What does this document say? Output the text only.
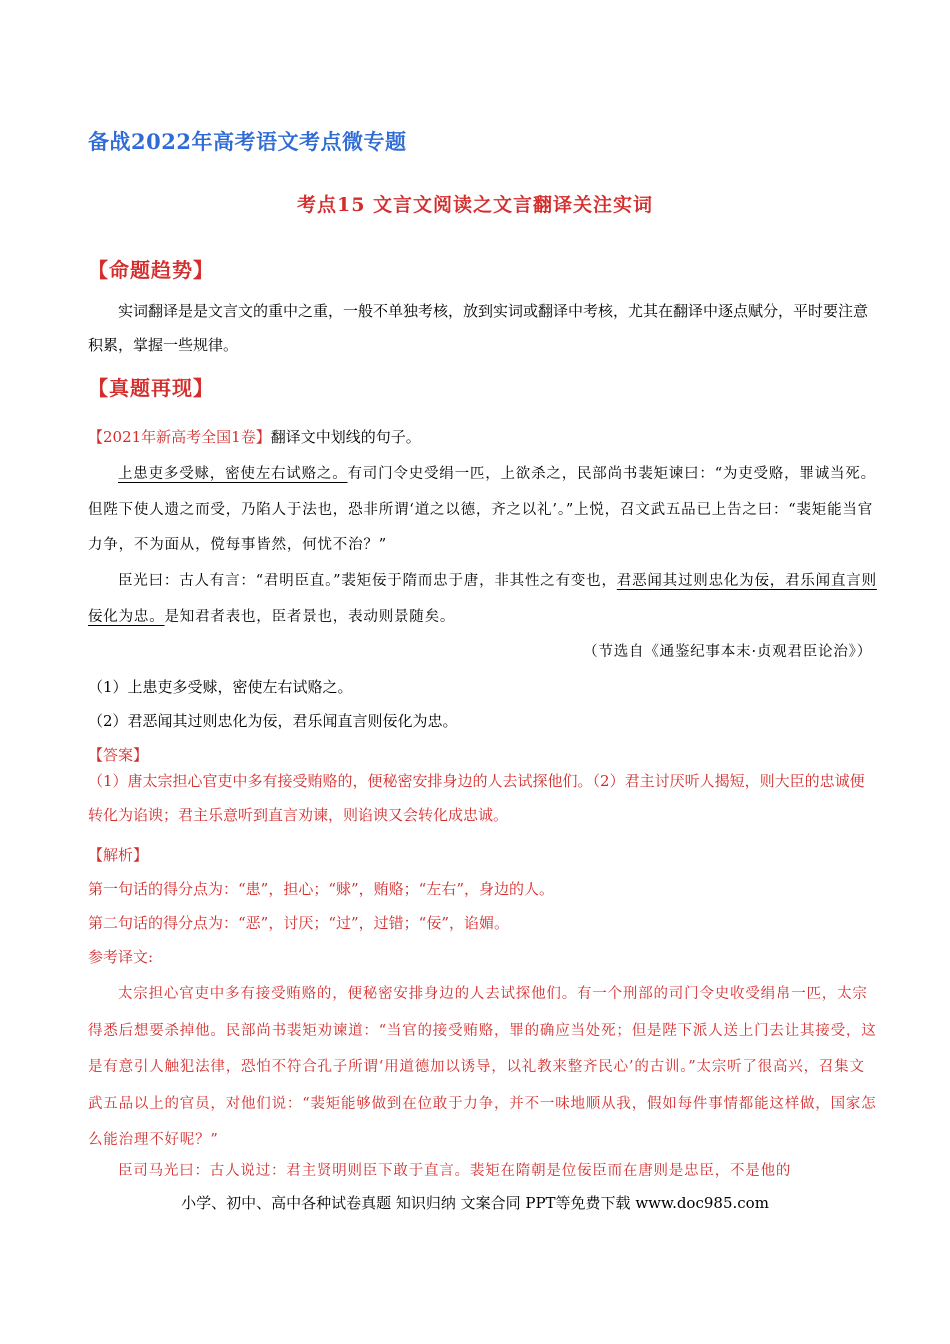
备战2022年高考语文考点微专题
考点15 文言文阅读之文言翻译关注实词
【命题趋势】
实词翻译是是文言文的重中之重，一般不单独考核，放到实词或翻译中考核，尤其在翻译中逐点赋分，平时要注意积累，掌握一些规律。
【真题再现】
【2021年新高考全国1卷】翻译文中划线的句子。
上患吏多受赇，密使左右试赂之。有司门令史受绢一匹，上欲杀之，民部尚书裴矩谏曰：“为吏受赂，罪诚当死。但陛下使人遗之而受，乃陷人于法也，恐非所谓‘道之以德，齐之以礼’。”上悦，召文武五品已上告之曰：“裴矩能当官力争，不为面从，傥每事皆然，何忧不治？”
臣光曰：古人有言：“君明臣直。”裴矩佞于隋而忠于唐，非其性之有变也，君恶闻其过则忠化为佞，君乐闻直言则佞化为忠。是知君者表也，臣者景也，表动则景随矣。
（节选自《通鉴纪事本末·贞观君臣论治》）
（1）上患吏多受赇，密使左右试赂之。
（2）君恶闻其过则忠化为佞，君乐闻直言则佞化为忠。
【答案】
（1）唐太宗担心官吏中多有接受贿赂的，便秘密安排身边的人去试探他们。（2）君主讨厌听人揭短，则大臣的忠诚便转化为谄谀；君主乐意听到直言劝谏，则谄谀又会转化成忠诚。
【解析】
第一句话的得分点为：“患”，担心；“赇”，贿赂；“左右”，身边的人。
第二句话的得分点为：“恶”，讨厌；“过”，过错；“佞”，谄媚。
参考译文:
太宗担心官吏中多有接受贿赂的，便秘密安排身边的人去试探他们。有一个刑部的司门令史收受绢帛一匹，太宗得悉后想要杀掉他。民部尚书裴矩劝谏道：“当官的接受贿赂，罪的确应当处死；但是陛下派人送上门去让其接受，这是有意引人触犯法律，恐怕不符合孔子所谓‘用道德加以诱导，以礼教来整齐民心’的古训。”太宗听了很高兴，召集文武五品以上的官员，对他们说：“裴矩能够做到在位敢于力争，并不一味地顺从我，假如每件事情都能这样做，国家怎么能治理不好呢？”
臣司马光曰：古人说过：君主贤明则臣下敢于直言。裴矩在隋朝是位佞臣而在唐则是忠臣，不是他的
小学、初中、高中各种试卷真题 知识归纳 文案合同 PPT等免费下载 www.doc985.com
